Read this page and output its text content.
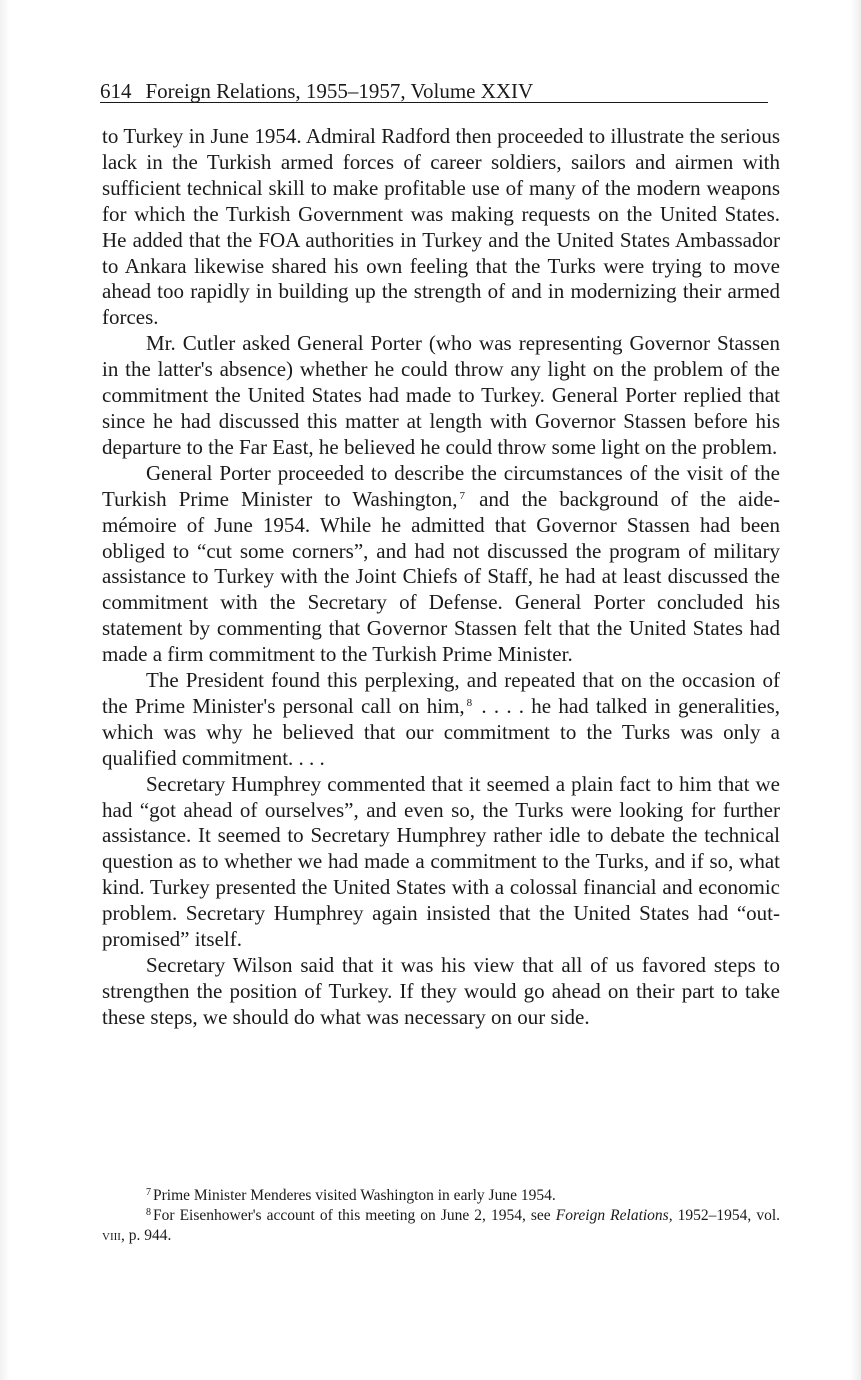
614 Foreign Relations, 1955–1957, Volume XXIV

to Turkey in June 1954. Admiral Radford then proceeded to illustrate the serious lack in the Turkish armed forces of career soldiers, sailors and airmen with sufficient technical skill to make profitable use of many of the modern weapons for which the Turkish Government was making requests on the United States. He added that the FOA authorities in Turkey and the United States Ambassador to Ankara likewise shared his own feeling that the Turks were trying to move ahead too rapidly in building up the strength of and in modernizing their armed forces.

Mr. Cutler asked General Porter (who was representing Governor Stassen in the latter's absence) whether he could throw any light on the problem of the commitment the United States had made to Turkey. General Porter replied that since he had discussed this matter at length with Governor Stassen before his departure to the Far East, he believed he could throw some light on the problem.

General Porter proceeded to describe the circumstances of the visit of the Turkish Prime Minister to Washington, $^7$ and the background of the aide-mémoire of June 1954. While he admitted that Governor Stassen had been obliged to “cut some corners”, and had not discussed the program of military assistance to Turkey with the Joint Chiefs of Staff, he had at least discussed the commitment with the Secretary of Defense. General Porter concluded his statement by commenting that Governor Stassen felt that the United States had made a firm commitment to the Turkish Prime Minister.

The President found this perplexing, and repeated that on the occasion of the Prime Minister's personal call on him, $^8$ . . . . he had talked in generalities, which was why he believed that our commitment to the Turks was only a qualified commitment. . . .

Secretary Humphrey commented that it seemed a plain fact to him that we had “got ahead of ourselves”, and even so, the Turks were looking for further assistance. It seemed to Secretary Humphrey rather idle to debate the technical question as to whether we had made a commitment to the Turks, and if so, what kind. Turkey presented the United States with a colossal financial and economic problem. Secretary Humphrey again insisted that the United States had “out-promised” itself.

Secretary Wilson said that it was his view that all of us favored steps to strengthen the position of Turkey. If they would go ahead on their part to take these steps, we should do what was necessary on our side.

$^7$ Prime Minister Menderes visited Washington in early June 1954.

$^8$ For Eisenhower's account of this meeting on June 2, 1954, see Foreign Relations, 1952–1954, vol. viii, p. 944.
